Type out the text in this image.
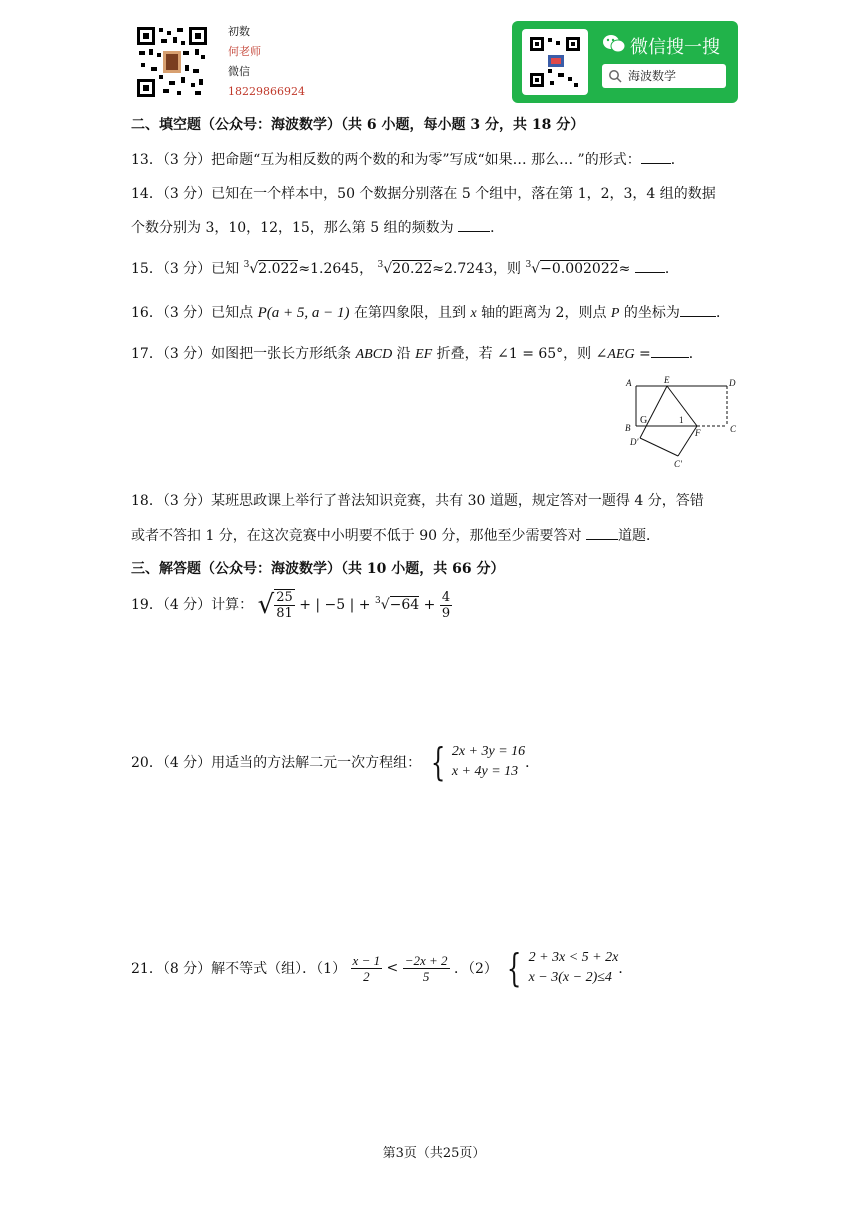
初数
何老师
微信
18229866924
微信搜一搜
海波数学
二、填空题（公众号：海波数学）（共 6 小题，每小题 3 分，共 18 分）
13．（3 分）把命题“互为相反数的两个数的和为零”写成“如果… 那么… ”的形式： ．
14．（3 分）已知在一个样本中，50 个数据分别落在 5 个组中，落在第 1，2，3，4 组的数据
个数分别为 3，10，12，15，那么第 5 组的频数为	．
15．（3 分）已知 $^3$√2.022≈1.2645， $^3$√20.22≈2.7243，则 $^3$√−0.002022≈ ．
16．（3 分）已知点 P(a + 5, a − 1) 在第四象限，且到 x 轴的距离为 2，则点 P 的坐标为	．
17．（3 分）如图把一张长方形纸条 ABCD 沿 EF 折叠，若 ∠1 = 65°，则 ∠AEG =	．
A	E	D
G	1
B	F	C
D'
C'
18．（3 分）某班思政课上举行了普法知识竞赛，共有 30 道题，规定答对一题得 4 分，答错
或者不答扣 1 分，在这次竞赛中小明要不低于 90 分，那他至少需要答对	道题．
三、解答题（公众号：海波数学）（共 10 小题，共 66 分）
19．（4 分）计算： √ $\frac{25}{81}$ + | −5 | + $^3√-64 + \frac{4}{9}$
20．（4 分）用适当的方法解二元一次方程组： { 2x + 3y = 16
x + 4y = 13
．
21．（8 分）解不等式（组）．$(1) \frac{x - 1}{2} < \frac{-2x + 2}{5}$ ．（2） { 2 + 3x < 5 + 2x
x − 3(x − 2)≤4
．
第3页（共25页）
